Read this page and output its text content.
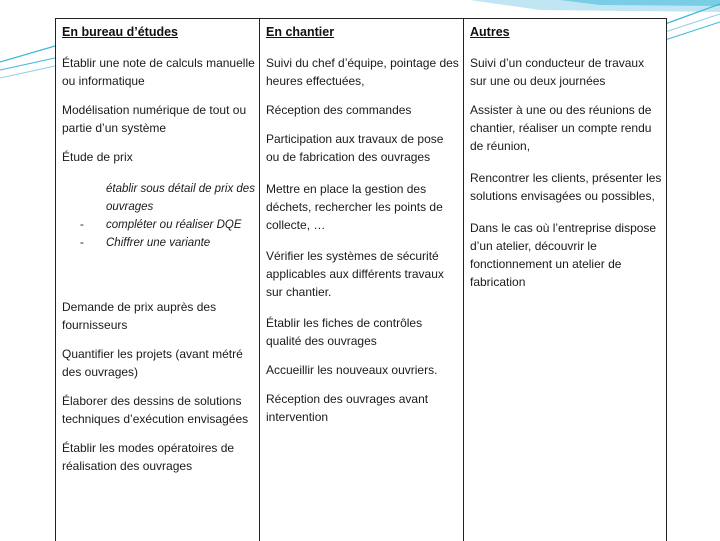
En bureau d’études

Établir une note de calculs manuelle ou informatique

Modélisation numérique de tout ou partie d’un système

Étude de prix

établir sous détail de prix des ouvrages
- compléter ou réaliser DQE
- Chiffrer une variante

Demande de prix auprès des fournisseurs

Quantifier les projets (avant métré des ouvrages)

Élaborer des dessins de solutions techniques d’exécution envisagées

Établir les modes opératoires de réalisation des ouvrages

En chantier

Suivi du chef d’équipe, pointage des heures effectuées,

Réception des commandes

Participation aux travaux de pose ou de fabrication des ouvrages

Mettre en place la gestion des déchets, rechercher les points de collecte, …

Vérifier les systèmes de sécurité applicables aux différents travaux sur chantier.

Établir les fiches de contrôles qualité des ouvrages

Accueillir les nouveaux ouvriers.

Réception des ouvrages avant intervention

Autres

Suivi d’un conducteur de travaux sur une ou deux journées

Assister à une ou des réunions de chantier, réaliser un compte rendu de réunion,

Rencontrer les clients, présenter les solutions envisagées ou possibles,

Dans le cas où l’entreprise dispose d’un atelier, découvrir le fonctionnement un atelier de fabrication
